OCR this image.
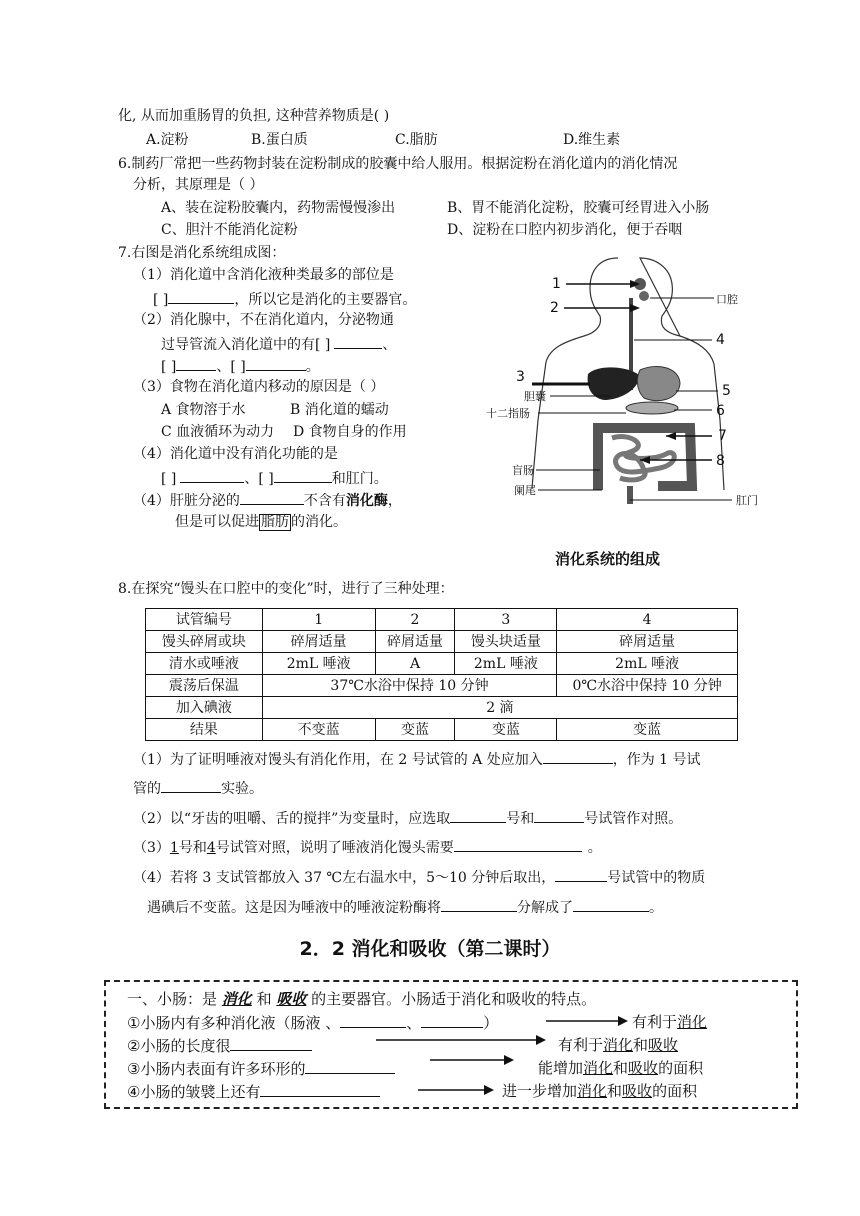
化, 从而加重肠胃的负担, 这种营养物质是( )
A.淀粉	B.蛋白质	C.脂肪	D.维生素
6.制药厂常把一些药物封装在淀粉制成的胶囊中给人服用。根据淀粉在消化道内的消化情况
分析，其原理是（ ）
A、装在淀粉胶囊内，药物需慢慢渗出	B、胃不能消化淀粉，胶囊可经胃进入小肠
C、胆汁不能消化淀粉	D、淀粉在口腔内初步消化，便于吞咽
7.右图是消化系统组成图：
（1）消化道中含消化液种类最多的部位是
[ ]	，所以它是消化的主要器官。
（2）消化腺中，不在消化道内，分泌物通
过导管流入消化道中的有[ ]	、
[ ]	、[ ]	。
（3）食物在消化道内移动的原因是（ ）
A 食物溶于水	B 消化道的蠕动
C 血液循环为动力 D 食物自身的作用
（4）消化道中没有消化功能的是
[ ]	、[ ]	和肛门。
（4）肝脏分泌的	不含有消化酶，
但是可以促进 脂肪 的消化。
1
2
口腔
4
3
胆囊
十二指肠
5
6
7
8
盲肠
阑尾
肛门
消化系统的组成
8.在探究“馒头在口腔中的变化”时，进行了三种处理：
试管编号	1	2	3	4
馒头碎屑或块	碎屑适量	碎屑适量	馒头块适量	碎屑适量
清水或唾液	2mL 唾液	A	2mL 唾液	2mL 唾液
震荡后保温	37℃水浴中保持 10 分钟			0℃水浴中保持 10 分钟
加入碘液	2 滴			
结果	不变蓝	变蓝	变蓝	变蓝
（1）为了证明唾液对馒头有消化作用，在 2 号试管的 A 处应加入	，作为 1 号试
管的	实验。
（2）以“牙齿的咀嚼、舌的搅拌”为变量时，应选取	号和	号试管作对照。
（3）1号和4号试管对照，说明了唾液消化馒头需要	。
（4）若将 3 支试管都放入 37 ℃左右温水中，5～10 分钟后取出，	号试管中的物质
遇碘后不变蓝。这是因为唾液中的唾液淀粉酶将	分解成了	。
2．2 消化和吸收（第二课时）
一、小肠：是 消化 和 吸收 的主要器官。小肠适于消化和吸收的特点。
①小肠内有多种消化液（肠液 、	、	）	有利于消化
②小肠的长度很	有利于消化和吸收
③小肠内表面有许多环形的	能增加消化和吸收的面积
④小肠的皱襞上还有	进一步增加消化和吸收的面积
